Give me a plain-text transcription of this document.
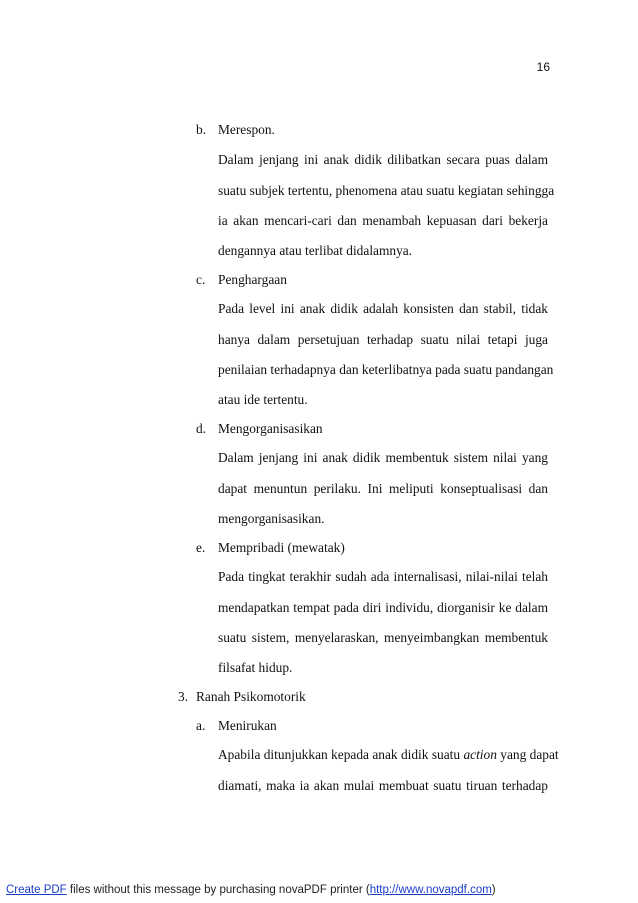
16
b. Merespon.
Dalam jenjang ini anak didik dilibatkan secara puas dalam
suatu subjek tertentu, phenomena atau suatu kegiatan sehingga
ia akan mencari-cari dan menambah kepuasan dari bekerja
dengannya atau terlibat didalamnya.
c. Penghargaan
Pada level ini anak didik adalah konsisten dan stabil, tidak
hanya dalam persetujuan terhadap suatu nilai tetapi juga
penilaian terhadapnya dan keterlibatnya pada suatu pandangan
atau ide tertentu.
d. Mengorganisasikan
Dalam jenjang ini anak didik membentuk sistem nilai yang
dapat menuntun perilaku. Ini meliputi konseptualisasi dan
mengorganisasikan.
e. Mempribadi (mewatak)
Pada tingkat terakhir sudah ada internalisasi, nilai-nilai telah
mendapatkan tempat pada diri individu, diorganisir ke dalam
suatu sistem, menyelaraskan, menyeimbangkan membentuk
filsafat hidup.
3. Ranah Psikomotorik
a. Menirukan
Apabila ditunjukkan kepada anak didik suatu action yang dapat
diamati, maka ia akan mulai membuat suatu tiruan terhadap
Create PDF files without this message by purchasing novaPDF printer (http://www.novapdf.com)
